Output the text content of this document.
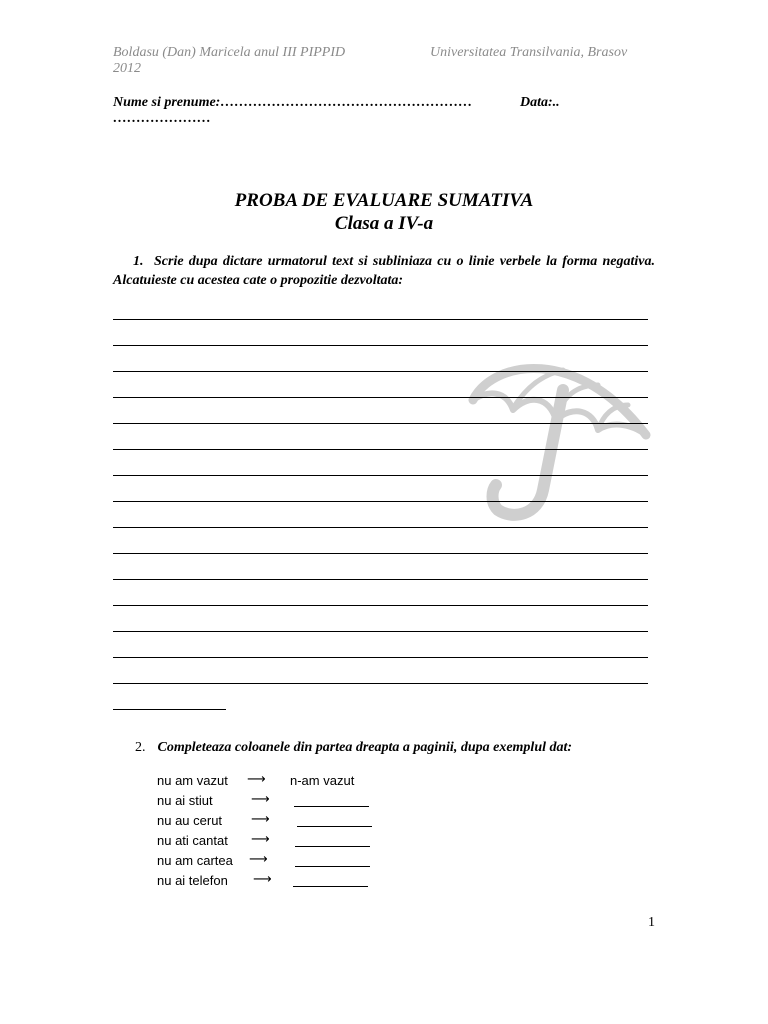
Boldasu (Dan) Maricela anul III PIPPID	Universitatea Transilvania, Brasov
2012
Nume si prenume:………………………………………………	Data:..
…………………
PROBA DE EVALUARE SUMATIVA
Clasa a IV-a
1. Scrie dupa dictare urmatorul text si subliniaza cu o linie verbele la forma negativa. Alcatuieste cu acestea cate o propozitie dezvoltata:
2. Completeaza coloanele din partea dreapta a paginii, dupa exemplul dat:
nu am vazut ⟶ n-am vazut
nu ai stiut	⟶
nu au cerut ⟶
nu ati cantat ⟶
nu am cartea ⟶
nu ai telefon ⟶
1
